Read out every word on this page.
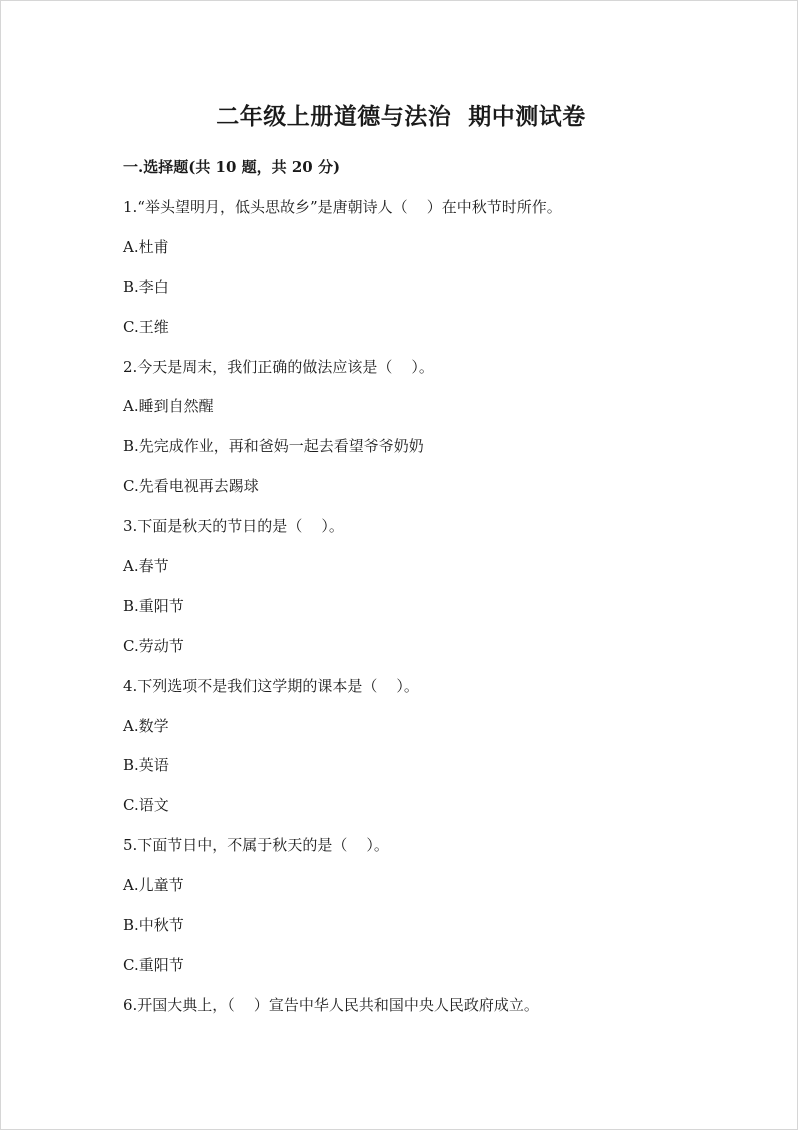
二年级上册道德与法治  期中测试卷
一.选择题(共 10 题，共 20 分)
1.“举头望明月，低头思故乡”是唐朝诗人（    ）在中秋节时所作。
A.杜甫
B.李白
C.王维
2.今天是周末，我们正确的做法应该是（    ）。
A.睡到自然醒
B.先完成作业，再和爸妈一起去看望爷爷奶奶
C.先看电视再去踢球
3.下面是秋天的节日的是（    ）。
A.春节
B.重阳节
C.劳动节
4.下列选项不是我们这学期的课本是（    ）。
A.数学
B.英语
C.语文
5.下面节日中，不属于秋天的是（    ）。
A.儿童节
B.中秋节
C.重阳节
6.开国大典上，（    ）宣告中华人民共和国中央人民政府成立。
